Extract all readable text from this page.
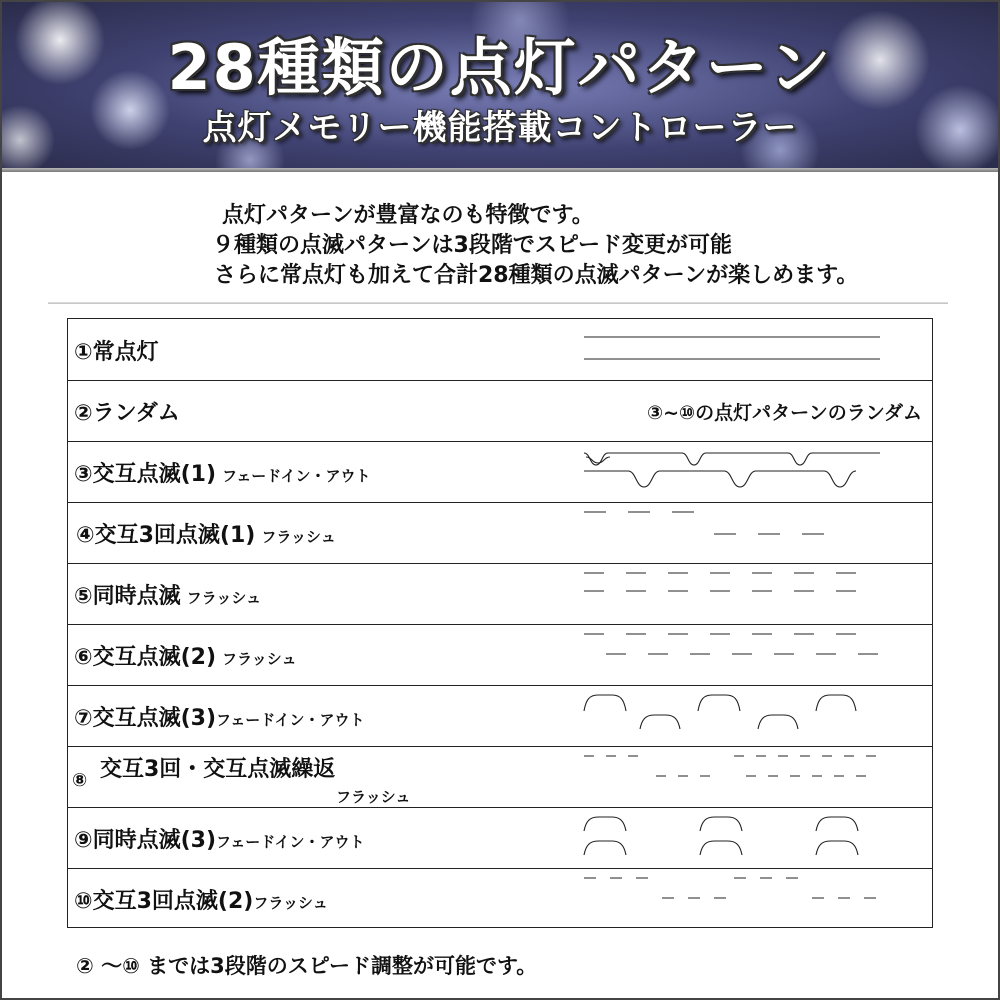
28種類の点灯パターン
点灯メモリー機能搭載コントローラー
点灯パターンが豊富なのも特徴です。
９種類の点滅パターンは3段階でスピード変更が可能
さらに常点灯も加えて合計28種類の点滅パターンが楽しめます。
①常点灯
②ランダム	③~⑩の点灯パターンのランダム
③交互点滅(1) フェードイン・アウト
④交互3回点滅(1) フラッシュ
⑤同時点滅 フラッシュ
⑥交互点滅(2) フラッシュ
⑦交互点滅(3)フェードイン・アウト
⑧ 交互3回・交互点滅繰返
フラッシュ
⑨同時点滅(3)フェードイン・アウト
⑩交互3回点滅(2)フラッシュ
② ～⑩ までは3段階のスピード調整が可能です。
